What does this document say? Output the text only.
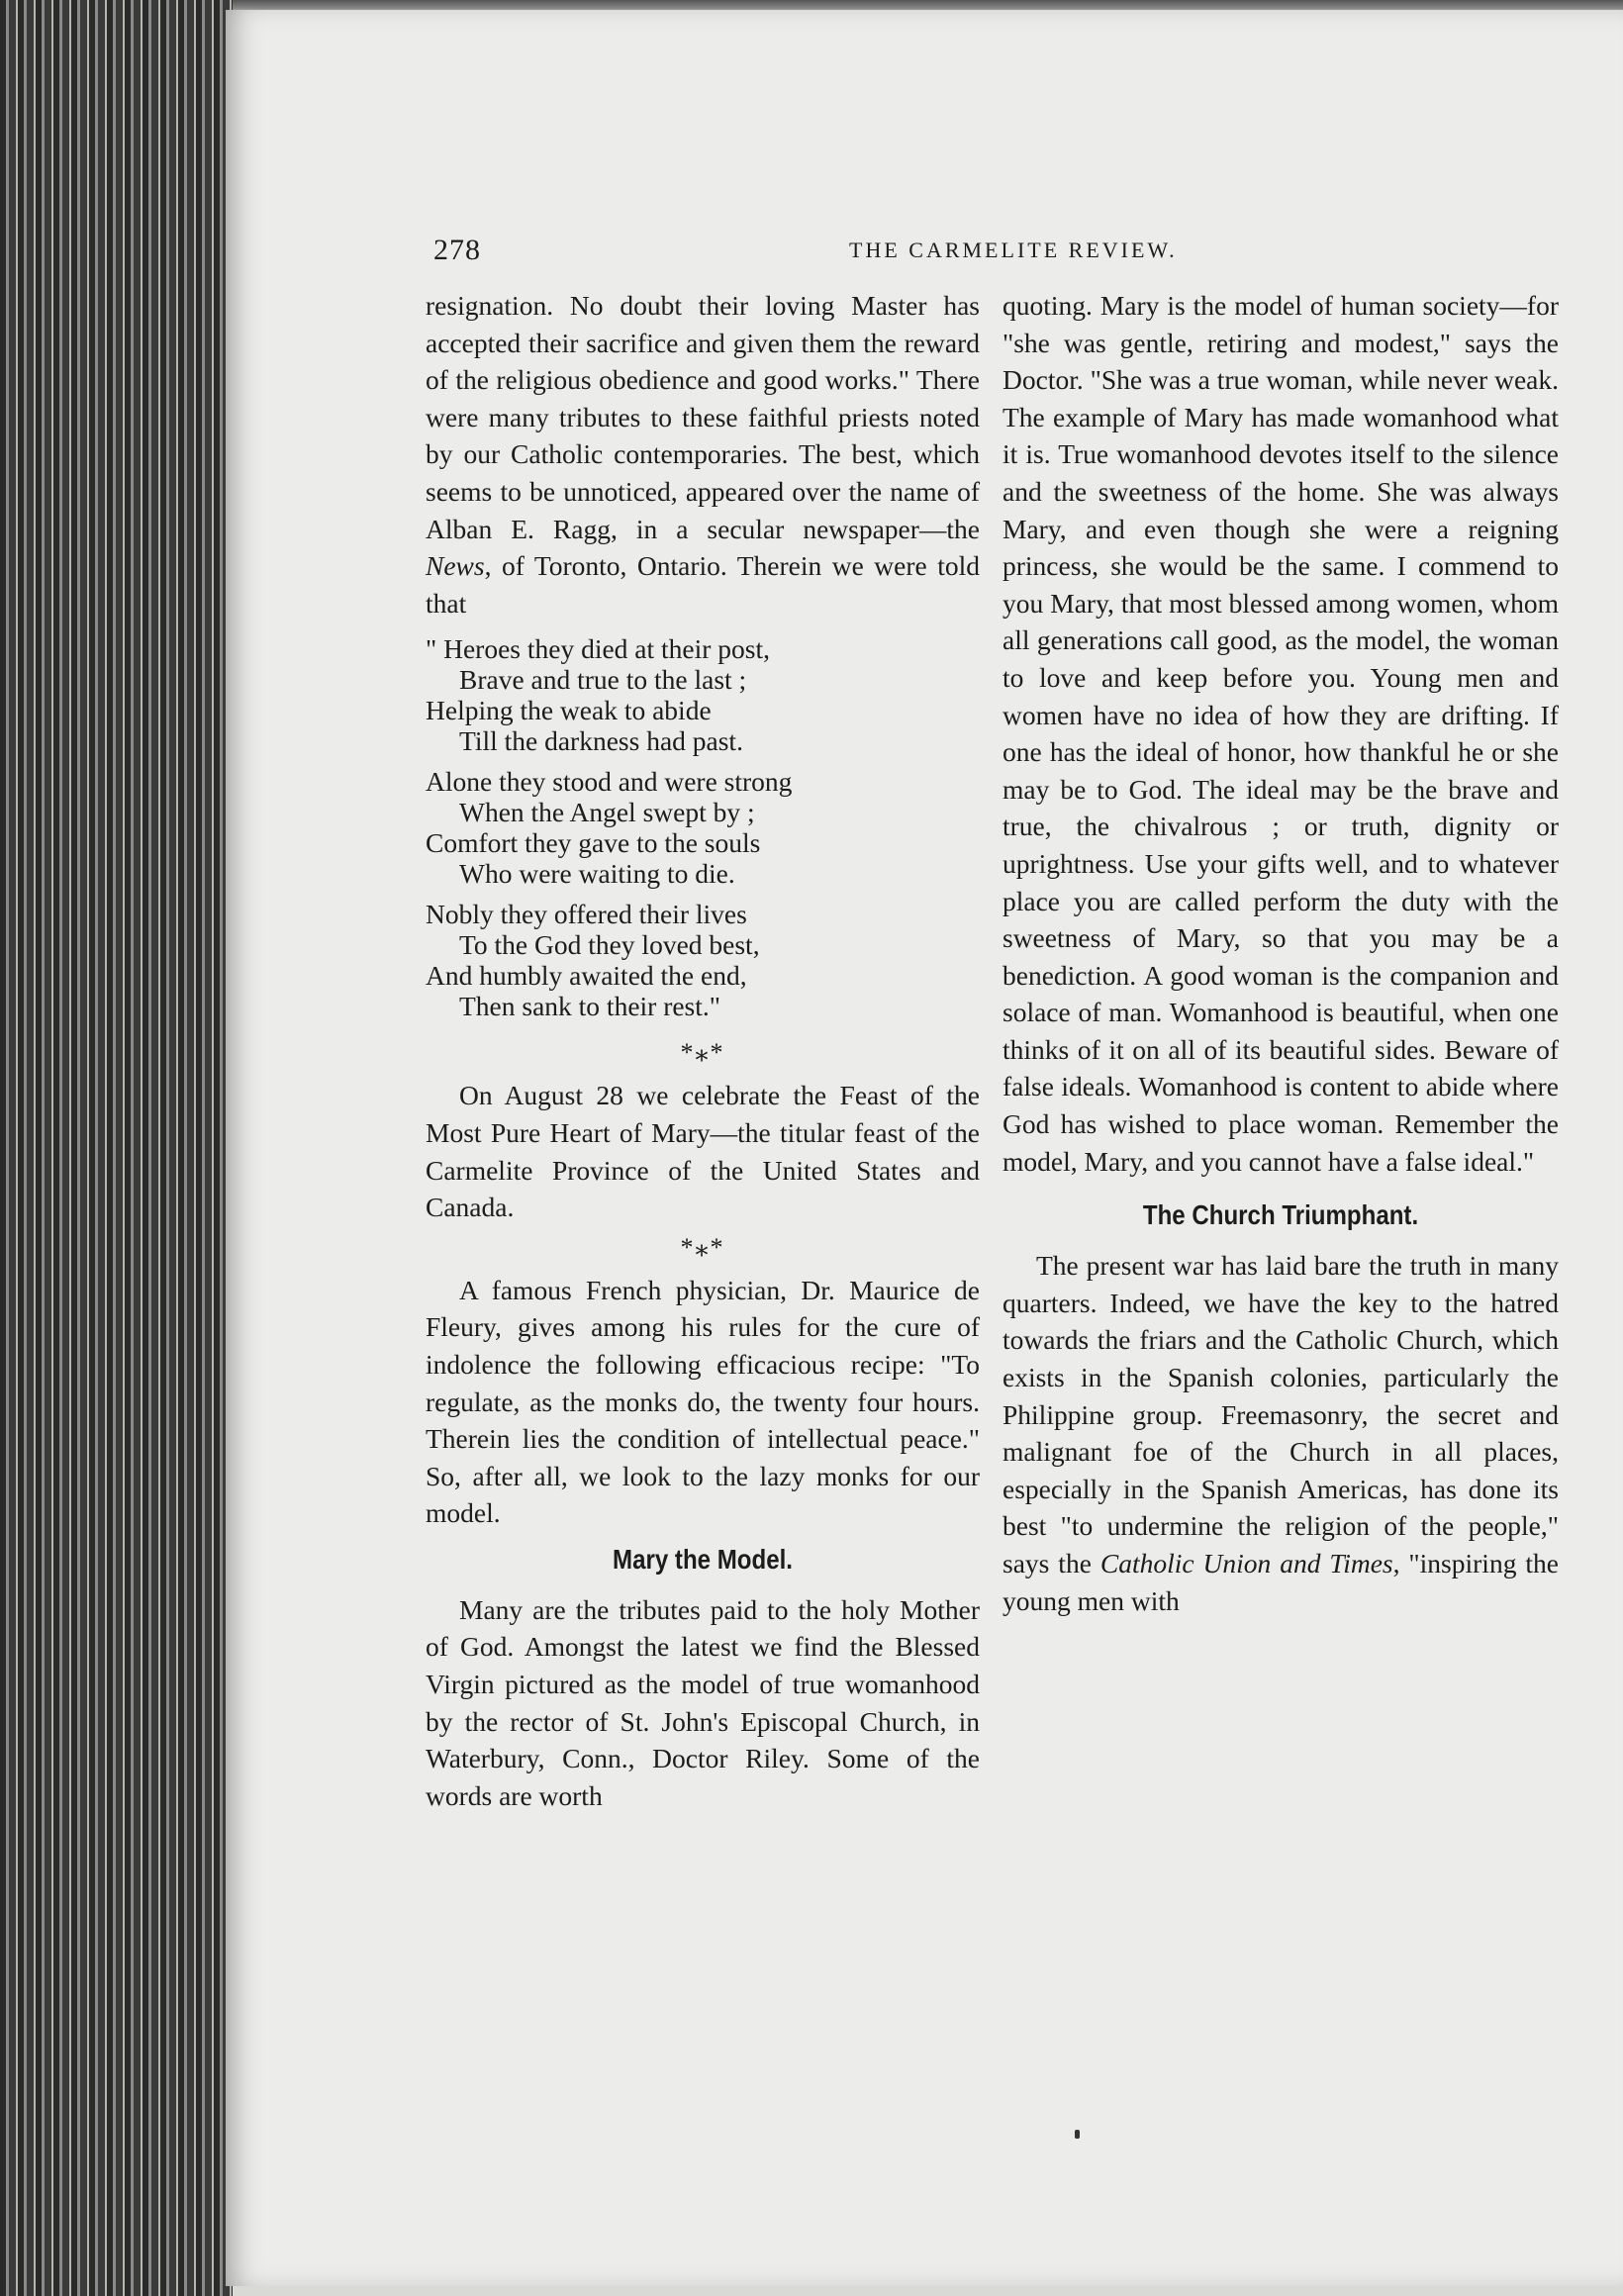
278	THE CARMELITE REVIEW.

resignation. No doubt their loving Master has accepted their sacrifice and given them the reward of the religious obedience and good works." There were many tributes to these faithful priests noted by our Catholic contemporaries. The best, which seems to be unnoticed, appeared over the name of Alban E. Ragg, in a secular newspaper—the News, of Toronto, Ontario. Therein we were told that

" Heroes they died at their post,
Brave and true to the last ;
Helping the weak to abide
Till the darkness had past.
Alone they stood and were strong
When the Angel swept by ;
Comfort they gave to the souls
Who were waiting to die.
Nobly they offered their lives
To the God they loved best,
And humbly awaited the end,
Then sank to their rest."
*⁎*

On August 28 we celebrate the Feast of the Most Pure Heart of Mary—the titular feast of the Carmelite Province of the United States and Canada.

*⁎*

A famous French physician, Dr. Maurice de Fleury, gives among his rules for the cure of indolence the following efficacious recipe: "To regulate, as the monks do, the twenty four hours. Therein lies the condition of intellectual peace." So, after all, we look to the lazy monks for our model.

Mary the Model.

Many are the tributes paid to the holy Mother of God. Amongst the latest we find the Blessed Virgin pictured as the model of true womanhood by the rector of St. John's Episcopal Church, in Waterbury, Conn., Doctor Riley. Some of the words are worth

quoting. Mary is the model of human society—for "she was gentle, retiring and modest," says the Doctor. "She was a true woman, while never weak. The example of Mary has made womanhood what it is. True womanhood devotes itself to the silence and the sweetness of the home. She was always Mary, and even though she were a reigning princess, she would be the same. I commend to you Mary, that most blessed among women, whom all generations call good, as the model, the woman to love and keep before you. Young men and women have no idea of how they are drifting. If one has the ideal of honor, how thankful he or she may be to God. The ideal may be the brave and true, the chivalrous ; or truth, dignity or uprightness. Use your gifts well, and to whatever place you are called perform the duty with the sweetness of Mary, so that you may be a benediction. A good woman is the companion and solace of man. Womanhood is beautiful, when one thinks of it on all of its beautiful sides. Beware of false ideals. Womanhood is content to abide where God has wished to place woman. Remember the model, Mary, and you cannot have a false ideal."

The Church Triumphant.

The present war has laid bare the truth in many quarters. Indeed, we have the key to the hatred towards the friars and the Catholic Church, which exists in the Spanish colonies, particularly the Philippine group. Freemasonry, the secret and malignant foe of the Church in all places, especially in the Spanish Americas, has done its best "to undermine the religion of the people," says the Catholic Union and Times, "inspiring the young men with
